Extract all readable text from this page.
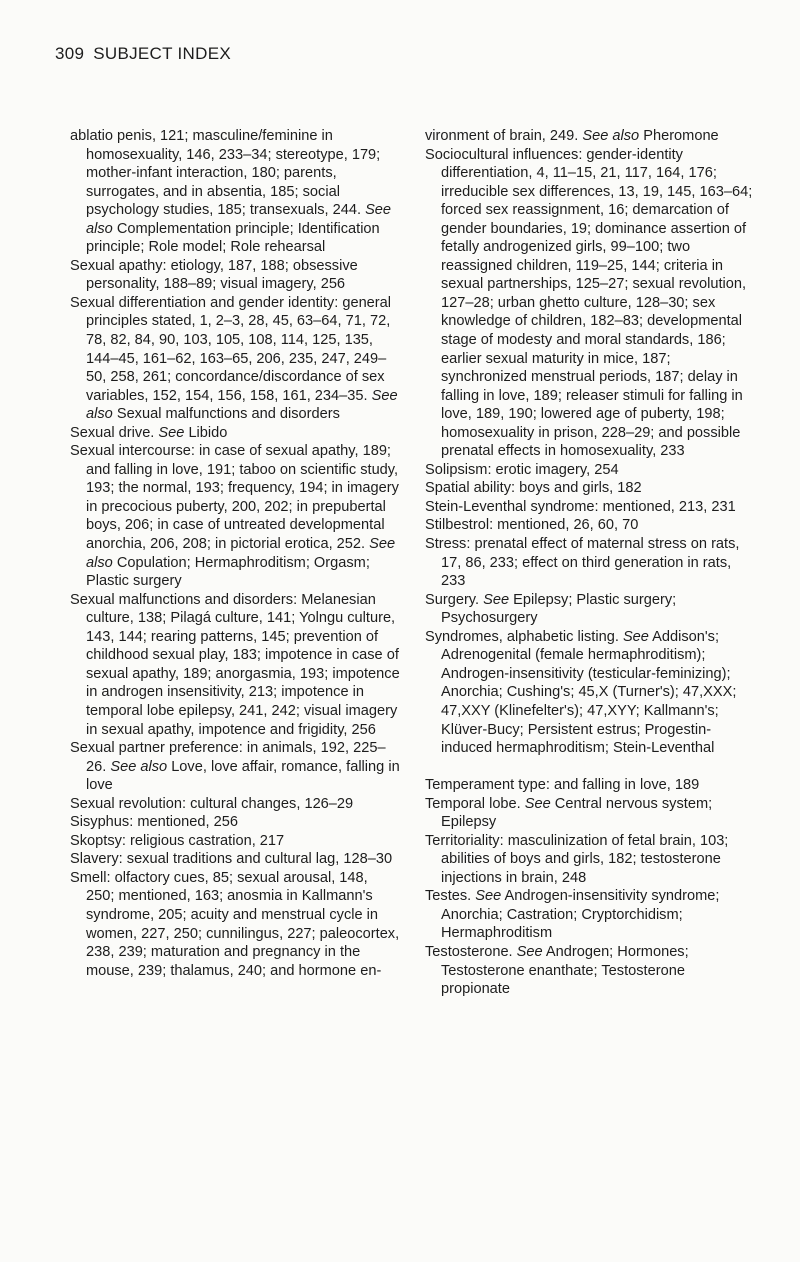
309 SUBJECT INDEX
ablatio penis, 121; masculine/feminine in homosexuality, 146, 233–34; stereotype, 179; mother-infant interaction, 180; parents, surrogates, and in absentia, 185; social psychology studies, 185; transexuals, 244. See also Complementation principle; Identification principle; Role model; Role rehearsal
Sexual apathy: etiology, 187, 188; obsessive personality, 188–89; visual imagery, 256
Sexual differentiation and gender identity: general principles stated, 1, 2–3, 28, 45, 63–64, 71, 72, 78, 82, 84, 90, 103, 105, 108, 114, 125, 135, 144–45, 161–62, 163–65, 206, 235, 247, 249–50, 258, 261; concordance/discordance of sex variables, 152, 154, 156, 158, 161, 234–35. See also Sexual malfunctions and disorders
Sexual drive. See Libido
Sexual intercourse: in case of sexual apathy, 189; and falling in love, 191; taboo on scientific study, 193; the normal, 193; frequency, 194; in imagery in precocious puberty, 200, 202; in prepubertal boys, 206; in case of untreated developmental anorchia, 206, 208; in pictorial erotica, 252. See also Copulation; Hermaphroditism; Orgasm; Plastic surgery
Sexual malfunctions and disorders: Melanesian culture, 138; Pilagá culture, 141; Yolngu culture, 143, 144; rearing patterns, 145; prevention of childhood sexual play, 183; impotence in case of sexual apathy, 189; anorgasmia, 193; impotence in androgen insensitivity, 213; impotence in temporal lobe epilepsy, 241, 242; visual imagery in sexual apathy, impotence and frigidity, 256
Sexual partner preference: in animals, 192, 225–26. See also Love, love affair, romance, falling in love
Sexual revolution: cultural changes, 126–29
Sisyphus: mentioned, 256
Skoptsy: religious castration, 217
Slavery: sexual traditions and cultural lag, 128–30
Smell: olfactory cues, 85; sexual arousal, 148, 250; mentioned, 163; anosmia in Kallmann's syndrome, 205; acuity and menstrual cycle in women, 227, 250; cunnilingus, 227; paleocortex, 238, 239; maturation and pregnancy in the mouse, 239; thalamus, 240; and hormone en-
vironment of brain, 249. See also Pheromone
Sociocultural influences: gender-identity differentiation, 4, 11–15, 21, 117, 164, 176; irreducible sex differences, 13, 19, 145, 163–64; forced sex reassignment, 16; demarcation of gender boundaries, 19; dominance assertion of fetally androgenized girls, 99–100; two reassigned children, 119–25, 144; criteria in sexual partnerships, 125–27; sexual revolution, 127–28; urban ghetto culture, 128–30; sex knowledge of children, 182–83; developmental stage of modesty and moral standards, 186; earlier sexual maturity in mice, 187; synchronized menstrual periods, 187; delay in falling in love, 189; releaser stimuli for falling in love, 189, 190; lowered age of puberty, 198; homosexuality in prison, 228–29; and possible prenatal effects in homosexuality, 233
Solipsism: erotic imagery, 254
Spatial ability: boys and girls, 182
Stein-Leventhal syndrome: mentioned, 213, 231
Stilbestrol: mentioned, 26, 60, 70
Stress: prenatal effect of maternal stress on rats, 17, 86, 233; effect on third generation in rats, 233
Surgery. See Epilepsy; Plastic surgery; Psychosurgery
Syndromes, alphabetic listing. See Addison's; Adrenogenital (female hermaphroditism); Androgen-insensitivity (testicular-feminizing); Anorchia; Cushing's; 45,X (Turner's); 47,XXX; 47,XXY (Klinefelter's); 47,XYY; Kallmann's; Klüver-Bucy; Persistent estrus; Progestin-induced hermaphroditism; Stein-Leventhal
Temperament type: and falling in love, 189
Temporal lobe. See Central nervous system; Epilepsy
Territoriality: masculinization of fetal brain, 103; abilities of boys and girls, 182; testosterone injections in brain, 248
Testes. See Androgen-insensitivity syndrome; Anorchia; Castration; Cryptorchidism; Hermaphroditism
Testosterone. See Androgen; Hormones; Testosterone enanthate; Testosterone propionate
